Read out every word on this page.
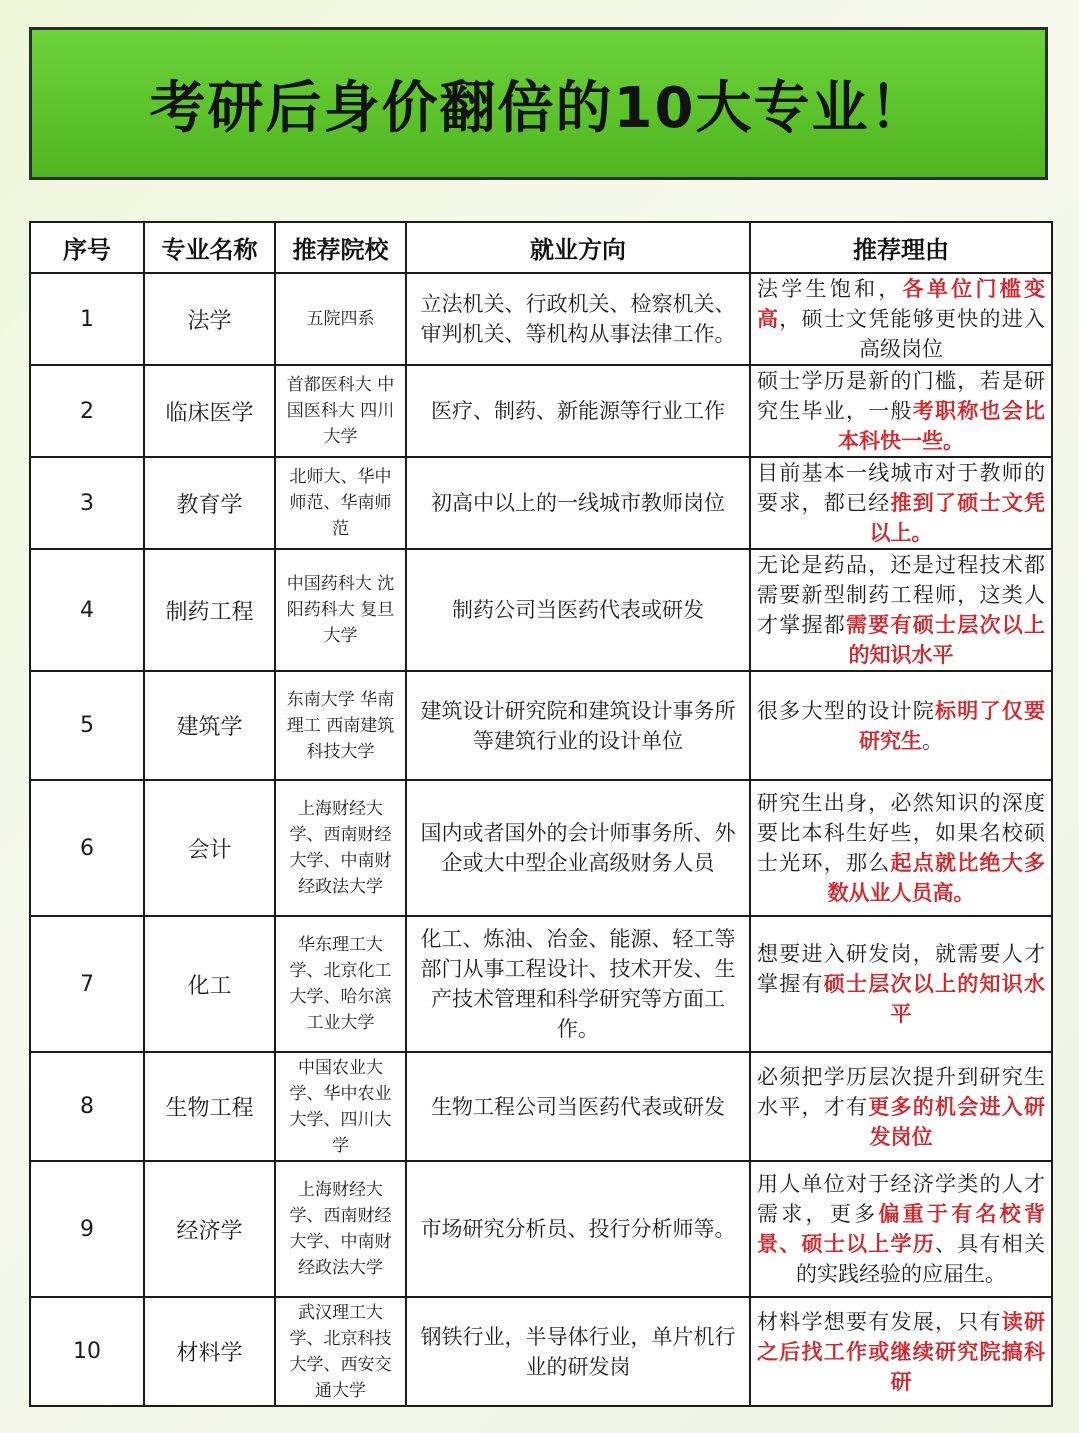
考研后身价翻倍的10大专业！
序号	专业名称	推荐院校	就业方向	推荐理由
1	法学	五院四系	立法机关、行政机关、检察机关、审判机关、等机构从事法律工作。	法学生饱和，各单位门槛变高，硕士文凭能够更快的进入高级岗位
2	临床医学	首都医科大 中国医科大 四川大学	医疗、制药、新能源等行业工作	硕士学历是新的门槛，若是研究生毕业，一般考职称也会比本科快一些。
3	教育学	北师大、华中师范、华南师范	初高中以上的一线城市教师岗位	目前基本一线城市对于教师的要求，都已经推到了硕士文凭以上。
4	制药工程	中国药科大 沈阳药科大 复旦大学	制药公司当医药代表或研发	无论是药品，还是过程技术都需要新型制药工程师，这类人才掌握都需要有硕士层次以上的知识水平
5	建筑学	东南大学 华南理工 西南建筑科技大学	建筑设计研究院和建筑设计事务所等建筑行业的设计单位	很多大型的设计院标明了仅要研究生。
6	会计	上海财经大学、西南财经大学、中南财经政法大学	国内或者国外的会计师事务所、外企或大中型企业高级财务人员	研究生出身，必然知识的深度要比本科生好些，如果名校硕士光环，那么起点就比绝大多数从业人员高。
7	化工	华东理工大学、北京化工大学、哈尔滨工业大学	化工、炼油、冶金、能源、轻工等部门从事工程设计、技术开发、生产技术管理和科学研究等方面工作。	想要进入研发岗，就需要人才掌握有硕士层次以上的知识水平
8	生物工程	中国农业大学、华中农业大学、四川大学	生物工程公司当医药代表或研发	必须把学历层次提升到研究生水平，才有更多的机会进入研发岗位
9	经济学	上海财经大学、西南财经大学、中南财经政法大学	市场研究分析员、投行分析师等。	用人单位对于经济学类的人才需求，更多偏重于有名校背景、硕士以上学历、具有相关的实践经验的应届生。
10	材料学	武汉理工大学、北京科技大学、西安交通大学	钢铁行业，半导体行业，单片机行业的研发岗	材料学想要有发展，只有读研之后找工作或继续研究院搞科研
